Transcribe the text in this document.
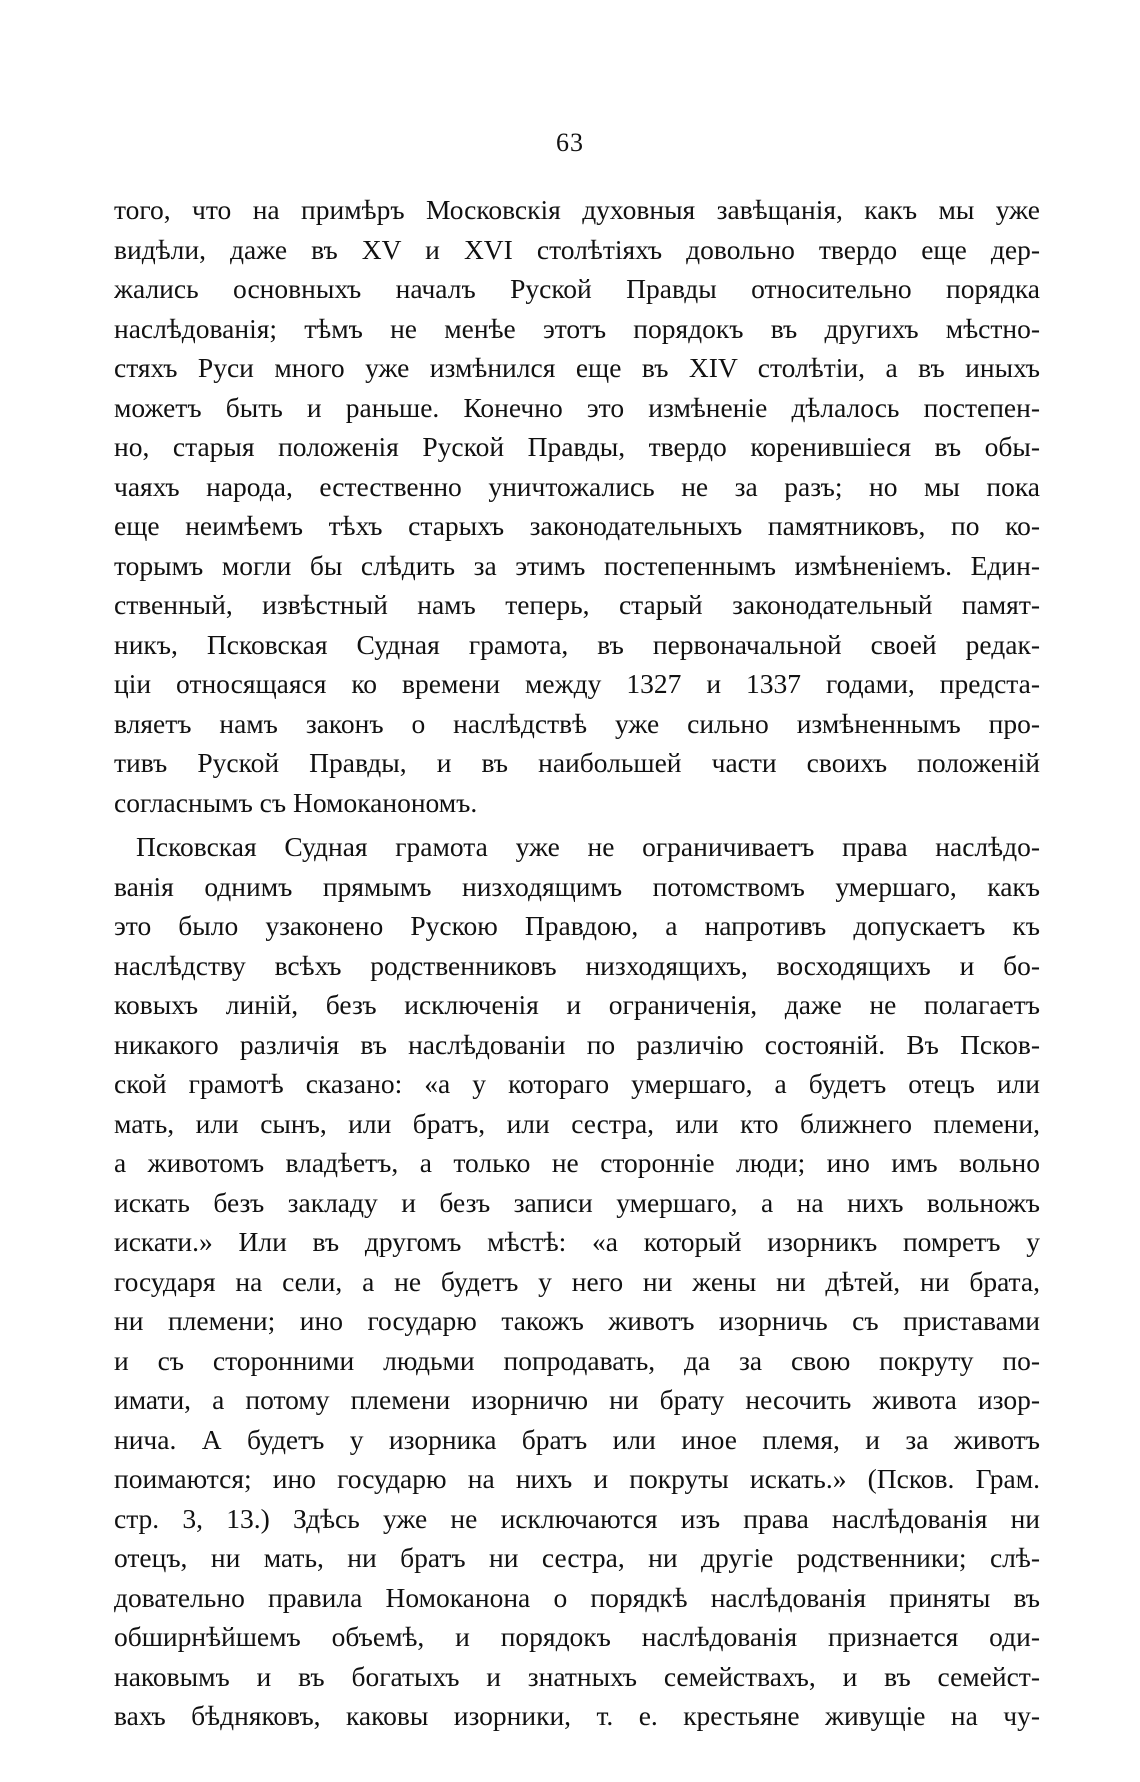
63
того, что на примѣръ Московскія духовныя завѣщанія, какъ мы уже
видѣли, даже въ XV и XVI столѣтіяхъ довольно твердо еще дер-
жались основныхъ началъ Руской Правды относительно порядка
наслѣдованія; тѣмъ не менѣе этотъ порядокъ въ другихъ мѣстно-
стяхъ Руси много уже измѣнился еще въ XIV столѣтіи, а въ иныхъ
можетъ быть и раньше. Конечно это измѣненіе дѣлалось постепен-
но, старыя положенія Руской Правды, твердо коренившіеся въ обы-
чаяхъ народа, естественно уничтожались не за разъ; но мы пока
еще неимѣемъ тѣхъ старыхъ законодательныхъ памятниковъ, по ко-
торымъ могли бы слѣдить за этимъ постепеннымъ измѣненіемъ. Един-
ственный, извѣстный намъ теперь, старый законодательный памят-
никъ, Псковская Судная грамота, въ первоначальной своей редак-
ціи относящаяся ко времени между 1327 и 1337 годами, предста-
вляетъ намъ законъ о наслѣдствѣ уже сильно измѣненнымъ про-
тивъ Руской Правды, и въ наибольшей части своихъ положеній
согласнымъ съ Номоканономъ.
Псковская Судная грамота уже не ограничиваетъ права наслѣдо-
ванія однимъ прямымъ низходящимъ потомствомъ умершаго, какъ
это было узаконено Рускою Правдою, а напротивъ допускаетъ къ
наслѣдству всѣхъ родственниковъ низходящихъ, восходящихъ и бо-
ковыхъ линій, безъ исключенія и ограниченія, даже не полагаетъ
никакого различія въ наслѣдованіи по различію состояній. Въ Псков-
ской грамотѣ сказано: «а у котораго умершаго, а будетъ отецъ или
мать, или сынъ, или братъ, или сестра, или кто ближнего племени,
а животомъ владѣетъ, а только не сторонніе люди; ино имъ вольно
искать безъ закладу и безъ записи умершаго, а на нихъ вольножъ
искати.» Или въ другомъ мѣстѣ: «а который изорникъ помретъ у
государя на сели, а не будетъ у него ни жены ни дѣтей, ни брата,
ни племени; ино государю такожъ животъ изорничь съ приставами
и съ сторонними людьми попродавать, да за свою покруту по-
имати, а потому племени изорничю ни брату несочить живота изор-
нича. А будетъ у изорника братъ или иное племя, и за животъ
поимаются; ино государю на нихъ и покруты искать.» (Псков. Грам.
стр. 3, 13.) Здѣсь уже не исключаются изъ права наслѣдованія ни
отецъ, ни мать, ни братъ ни сестра, ни другіе родственники; слѣ-
довательно правила Номоканона о порядкѣ наслѣдованія приняты въ
обширнѣйшемъ объемѣ, и порядокъ наслѣдованія признается оди-
наковымъ и въ богатыхъ и знатныхъ семействахъ, и въ семейст-
вахъ бѣдняковъ, каковы изорники, т. е. крестьяне живущіе на чу-
